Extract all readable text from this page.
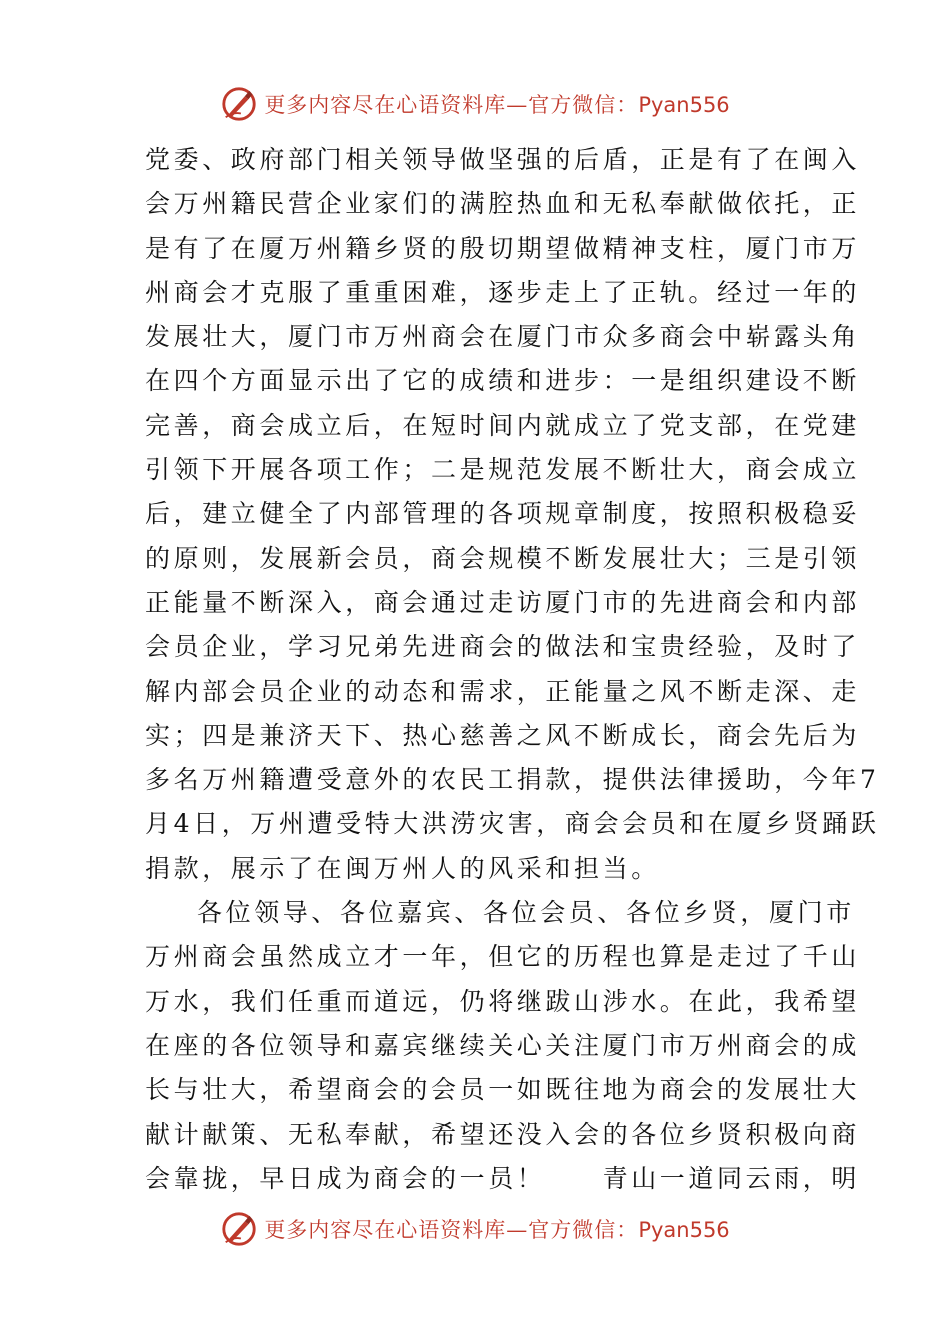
更多内容尽在心语资料库—官方微信：Pyan556
党委、政府部门相关领导做坚强的后盾，正是有了在闽入
会万州籍民营企业家们的满腔热血和无私奉献做依托，正
是有了在厦万州籍乡贤的殷切期望做精神支柱，厦门市万
州商会才克服了重重困难，逐步走上了正轨。经过一年的
发展壮大，厦门市万州商会在厦门市众多商会中崭露头角
在四个方面显示出了它的成绩和进步：一是组织建设不断
完善，商会成立后，在短时间内就成立了党支部，在党建
引领下开展各项工作；二是规范发展不断壮大，商会成立
后，建立健全了内部管理的各项规章制度，按照积极稳妥
的原则，发展新会员，商会规模不断发展壮大；三是引领
正能量不断深入，商会通过走访厦门市的先进商会和内部
会员企业，学习兄弟先进商会的做法和宝贵经验，及时了
解内部会员企业的动态和需求，正能量之风不断走深、走
实；四是兼济天下、热心慈善之风不断成长，商会先后为
多名万州籍遭受意外的农民工捐款，提供法律援助，今年7
月4日，万州遭受特大洪涝灾害，商会会员和在厦乡贤踊跃
捐款，展示了在闽万州人的风采和担当。
各位领导、各位嘉宾、各位会员、各位乡贤，厦门市
万州商会虽然成立才一年，但它的历程也算是走过了千山
万水，我们任重而道远，仍将继跋山涉水。在此，我希望
在座的各位领导和嘉宾继续关心关注厦门市万州商会的成
长与壮大，希望商会的会员一如既往地为商会的发展壮大
献计献策、无私奉献，希望还没入会的各位乡贤积极向商
会靠拢，早日成为商会的一员！　　青山一道同云雨，明
更多内容尽在心语资料库—官方微信：Pyan556
